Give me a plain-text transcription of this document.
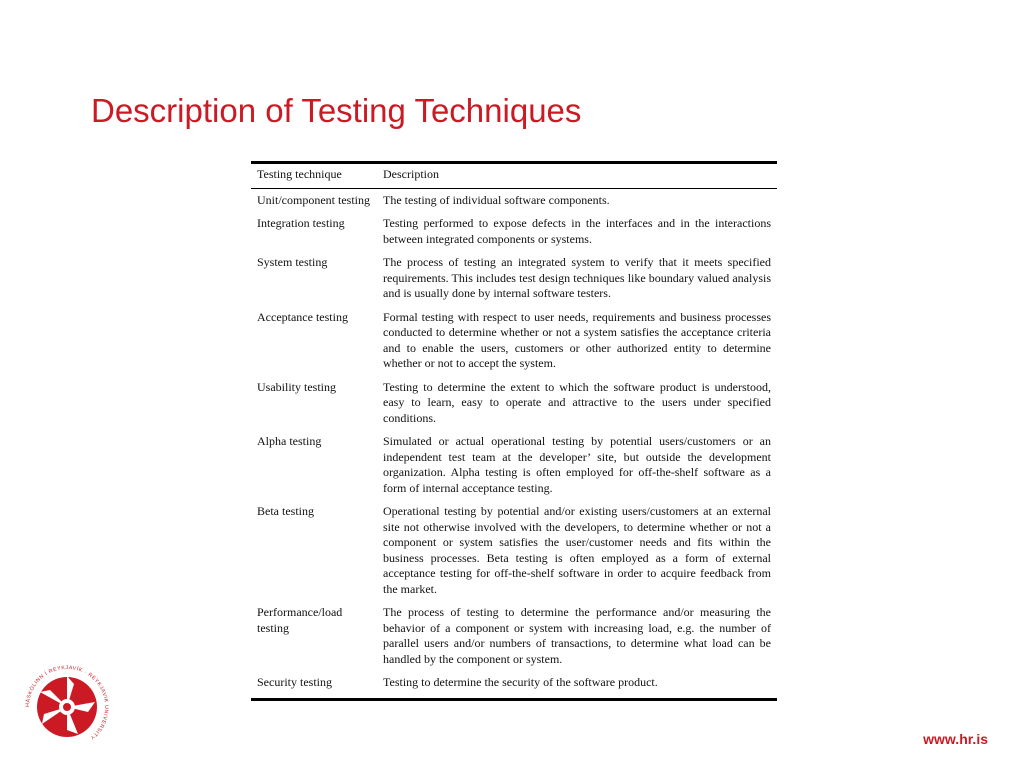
Description of Testing Techniques
Testing technique	Description
Unit/component testing	The testing of individual software components.
Integration testing	Testing performed to expose defects in the interfaces and in the interactions between integrated components or systems.
System testing	The process of testing an integrated system to verify that it meets specified requirements. This includes test design techniques like boundary valued analysis and is usually done by internal software testers.
Acceptance testing	Formal testing with respect to user needs, requirements and business processes conducted to determine whether or not a system satisfies the acceptance criteria and to enable the users, customers or other authorized entity to determine whether or not to accept the system.
Usability testing	Testing to determine the extent to which the software product is understood, easy to learn, easy to operate and attractive to the users under specified conditions.
Alpha testing	Simulated or actual operational testing by potential users/customers or an independent test team at the developer’ site, but outside the development organization. Alpha testing is often employed for off-the-shelf software as a form of internal acceptance testing.
Beta testing	Operational testing by potential and/or existing users/customers at an external site not otherwise involved with the developers, to determine whether or not a component or system satisfies the user/customer needs and fits within the business processes. Beta testing is often employed as a form of external acceptance testing for off-the-shelf software in order to acquire feedback from the market.
Performance/load testing	The process of testing to determine the performance and/or measuring the behavior of a component or system with increasing load, e.g. the number of parallel users and/or numbers of transactions, to determine what load can be handled by the component or system.
Security testing	Testing to determine the security of the software product.
HÁSKÓLINN Í REYKJAVÍK · REYKJAVIK UNIVERSITY	www.hr.is
